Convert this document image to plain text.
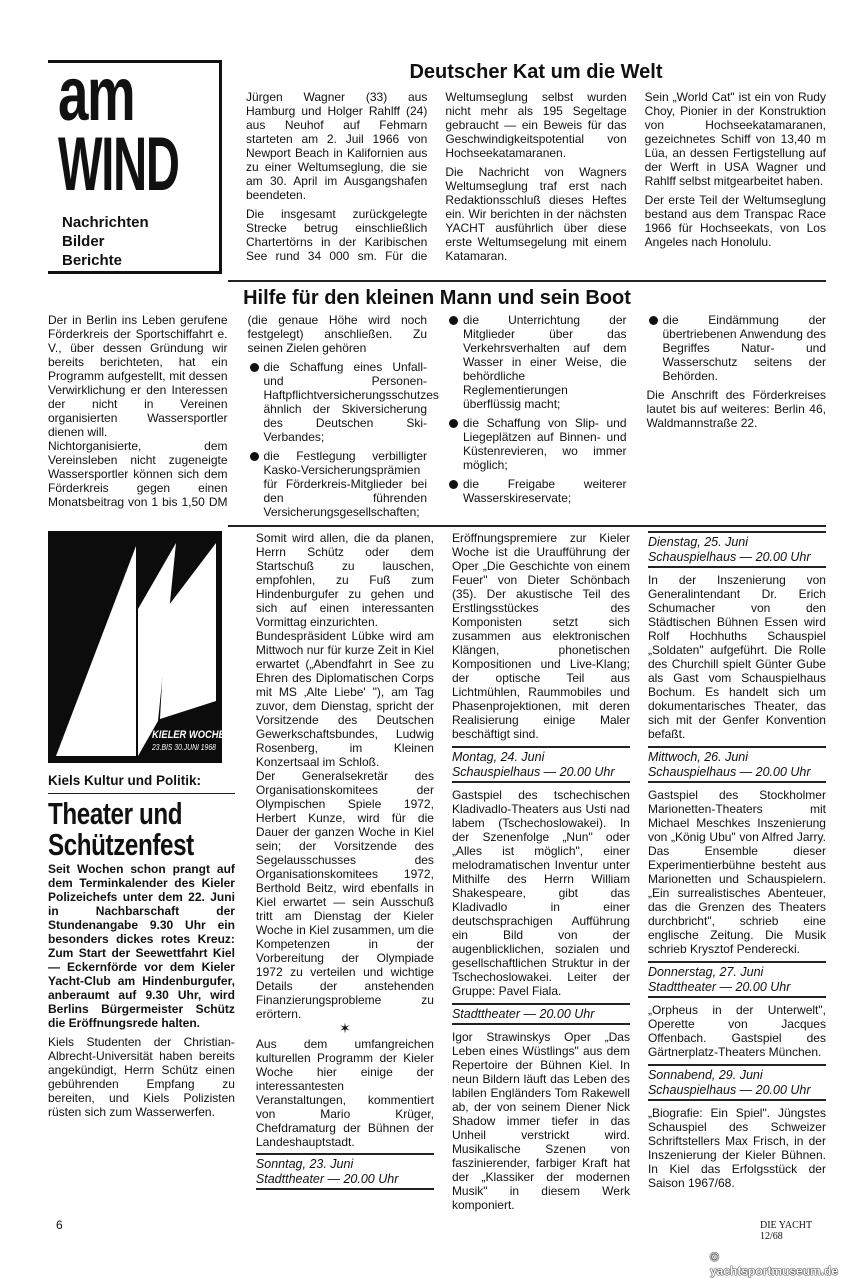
am
WIND
Nachrichten
Bilder
Berichte
Deutscher Kat um die Welt

Jürgen Wagner (33) aus Hamburg und Holger Rahlff (24) aus Neuhof auf Fehmarn starteten am 2. Juil 1966 von Newport Beach in Kalifornien aus zu einer Weltumseglung, die sie am 30. April im Ausgangshafen beendeten.

Die insgesamt zurückgelegte Strecke betrug einschließlich Chartertörns in der Karibischen See rund 34 000 sm. Für die Weltumseglung selbst wurden nicht mehr als 195 Segeltage gebraucht — ein Beweis für das Geschwindigkeitspotential von Hochseekatamaranen.

Die Nachricht von Wagners Weltumseglung traf erst nach Redaktionsschluß dieses Heftes ein. Wir berichten in der nächsten YACHT ausführlich über diese erste Weltumsegelung mit einem Katamaran.

Sein „World Cat" ist ein von Rudy Choy, Pionier in der Konstruktion von Hochseekatamaranen, gezeichnetes Schiff von 13,40 m Lüa, an dessen Fertigstellung auf der Werft in USA Wagner und Rahlff selbst mitgearbeitet haben.

Der erste Teil der Weltumseglung bestand aus dem Transpac Race 1966 für Hochseekats, von Los Angeles nach Honolulu.

Hilfe für den kleinen Mann und sein Boot

Der in Berlin ins Leben gerufene Förderkreis der Sportschiffahrt e. V., über dessen Gründung wir bereits berichteten, hat ein Programm aufgestellt, mit dessen Verwirklichung er den Interessen der nicht in Vereinen organisierten Wassersportler dienen will.

Nichtorganisierte, dem Vereinsleben nicht zugeneigte Wassersportler können sich dem Förderkreis gegen einen Monatsbeitrag von 1 bis 1,50 DM (die genaue Höhe wird noch festgelegt) anschließen. Zu seinen Zielen gehören

die Schaffung eines Unfall- und Personen-Haftpflichtversicherungsschutzes ähnlich der Skiversicherung des Deutschen Ski-Verbandes;
die Festlegung verbilligter Kasko-Versicherungsprämien für Förderkreis-Mitglieder bei den führenden Versicherungsgesellschaften;
die Unterrichtung der Mitglieder über das Verkehrsverhalten auf dem Wasser in einer Weise, die behördliche Reglementierungen überflüssig macht;
die Schaffung von Slip- und Liegeplätzen auf Binnen- und Küstenrevieren, wo immer möglich;
die Freigabe weiterer Wasserskireservate;
die Eindämmung der übertriebenen Anwendung des Begriffes Natur- und Wasserschutz seitens der Behörden.

Die Anschrift des Förderkreises lautet bis auf weiteres: Berlin 46, Waldmannstraße 22.

KIELER WOCHE
23.BIS 30.JUNI 1968
Kiels Kultur und Politik:
Theater und
Schützenfest

Seit Wochen schon prangt auf dem Terminkalender des Kieler Polizeichefs unter dem 22. Juni in Nachbarschaft der Stundenangabe 9.30 Uhr ein besonders dickes rotes Kreuz: Zum Start der Seewettfahrt Kiel — Eckernförde vor dem Kieler Yacht-Club am Hindenburgufer, anberaumt auf 9.30 Uhr, wird Berlins Bürgermeister Schütz die Eröffnungsrede halten.

Kiels Studenten der Christian-Albrecht-Universität haben bereits angekündigt, Herrn Schütz einen gebührenden Empfang zu bereiten, und Kiels Polizisten rüsten sich zum Wasserwerfen.

Somit wird allen, die da planen, Herrn Schütz oder dem Startschuß zu lauschen, empfohlen, zu Fuß zum Hindenburgufer zu gehen und sich auf einen interessanten Vormittag einzurichten.

Bundespräsident Lübke wird am Mittwoch nur für kurze Zeit in Kiel erwartet („Abendfahrt in See zu Ehren des Diplomatischen Corps mit MS ‚Alte Liebe' "), am Tag zuvor, dem Dienstag, spricht der Vorsitzende des Deutschen Gewerkschaftsbundes, Ludwig Rosenberg, im Kleinen Konzertsaal im Schloß.

Der Generalsekretär des Organisationskomitees der Olympischen Spiele 1972, Herbert Kunze, wird für die Dauer der ganzen Woche in Kiel sein; der Vorsitzende des Segelausschusses des Organisationskomitees 1972, Berthold Beitz, wird ebenfalls in Kiel erwartet — sein Ausschuß tritt am Dienstag der Kieler Woche in Kiel zusammen, um die Kompetenzen in der Vorbereitung der Olympiade 1972 zu verteilen und wichtige Details der anstehenden Finanzierungsprobleme zu erörtern.

✶

Aus dem umfangreichen kulturellen Programm der Kieler Woche hier einige der interessantesten Veranstaltungen, kommentiert von Mario Krüger, Chefdramaturg der Bühnen der Landeshauptstadt.

Sonntag, 23. Juni
Stadttheater — 20.00 Uhr

Eröffnungspremiere zur Kieler Woche ist die Uraufführung der Oper „Die Geschichte von einem Feuer" von Dieter Schönbach (35). Der akustische Teil des Erstlingsstückes des Komponisten setzt sich zusammen aus elektronischen Klängen, phonetischen Kompositionen und Live-Klang; der optische Teil aus Lichtmühlen, Raummobiles und Phasenprojektionen, mit deren Realisierung einige Maler beschäftigt sind.

Montag, 24. Juni
Schauspielhaus — 20.00 Uhr

Gastspiel des tschechischen Kladivadlo-Theaters aus Usti nad labem (Tschechoslowakei). In der Szenenfolge „Nun" oder „Alles ist möglich", einer melodramatischen Inventur unter Mithilfe des Herrn William Shakespeare, gibt das Kladivadlo in einer deutschsprachigen Aufführung ein Bild von der augenblicklichen, sozialen und gesellschaftlichen Struktur in der Tschechoslowakei. Leiter der Gruppe: Pavel Fiala.

Stadttheater — 20.00 Uhr

Igor Strawinskys Oper „Das Leben eines Wüstlings" aus dem Repertoire der Bühnen Kiel. In neun Bildern läuft das Leben des labilen Engländers Tom Rakewell ab, der von seinem Diener Nick Shadow immer tiefer in das Unheil verstrickt wird. Musikalische Szenen von faszinierender, farbiger Kraft hat der „Klassiker der modernen Musik" in diesem Werk komponiert.

Dienstag, 25. Juni
Schauspielhaus — 20.00 Uhr

In der Inszenierung von Generalintendant Dr. Erich Schumacher von den Städtischen Bühnen Essen wird Rolf Hochhuths Schauspiel „Soldaten" aufgeführt. Die Rolle des Churchill spielt Günter Gube als Gast vom Schauspielhaus Bochum. Es handelt sich um dokumentarisches Theater, das sich mit der Genfer Konvention befaßt.

Mittwoch, 26. Juni
Schauspielhaus — 20.00 Uhr

Gastspiel des Stockholmer Marionetten-Theaters mit Michael Meschkes Inszenierung von „König Ubu" von Alfred Jarry. Das Ensemble dieser Experimentierbühne besteht aus Marionetten und Schauspielern. „Ein surrealistisches Abenteuer, das die Grenzen des Theaters durchbricht", schrieb eine englische Zeitung. Die Musik schrieb Krysztof Penderecki.

Donnerstag, 27. Juni
Stadttheater — 20.00 Uhr

„Orpheus in der Unterwelt", Operette von Jacques Offenbach. Gastspiel des Gärtnerplatz-Theaters München.

Sonnabend, 29. Juni
Schauspielhaus — 20.00 Uhr

„Biografie: Ein Spiel". Jüngstes Schauspiel des Schweizer Schriftstellers Max Frisch, in der Inszenierung der Kieler Bühnen. In Kiel das Erfolgsstück der Saison 1967/68.

6	DIE YACHT 12/68
© yachtsportmuseum.de
